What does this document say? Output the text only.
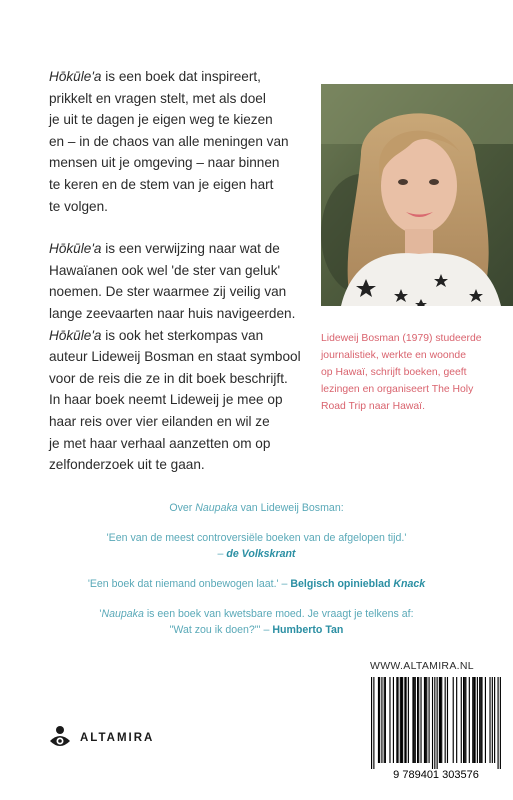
Hōkūle'a is een boek dat inspireert,
prikkelt en vragen stelt, met als doel
je uit te dagen je eigen weg te kiezen
en – in de chaos van alle meningen van
mensen uit je omgeving – naar binnen
te keren en de stem van je eigen hart
te volgen.

Hōkūle'a is een verwijzing naar wat de
Hawaïanen ook wel 'de ster van geluk'
noemen. De ster waarmee zij veilig van
lange zeevaarten naar huis navigeerden.
Hōkūle'a is ook het sterkompas van
auteur Lideweij Bosman en staat symbool
voor de reis die ze in dit boek beschrijft.
In haar boek neemt Lideweij je mee op
haar reis over vier eilanden en wil ze
je met haar verhaal aanzetten om op
zelfonderzoek uit te gaan.

Lideweij Bosman (1979) studeerde
journalistiek, werkte en woonde
op Hawaï, schrijft boeken, geeft
lezingen en organiseert The Holy
Road Trip naar Hawaï.
Over Naupaka van Lideweij Bosman:
'Een van de meest controversiële boeken van de afgelopen tijd.'
– de Volkskrant
'Een boek dat niemand onbewogen laat.' – Belgisch opinieblad Knack
'Naupaka is een boek van kwetsbare moed. Je vraagt je telkens af:
"Wat zou ik doen?"' – Humberto Tan
WWW.ALTAMIRA.NL
9 789401 303576
ALTAMIRA
